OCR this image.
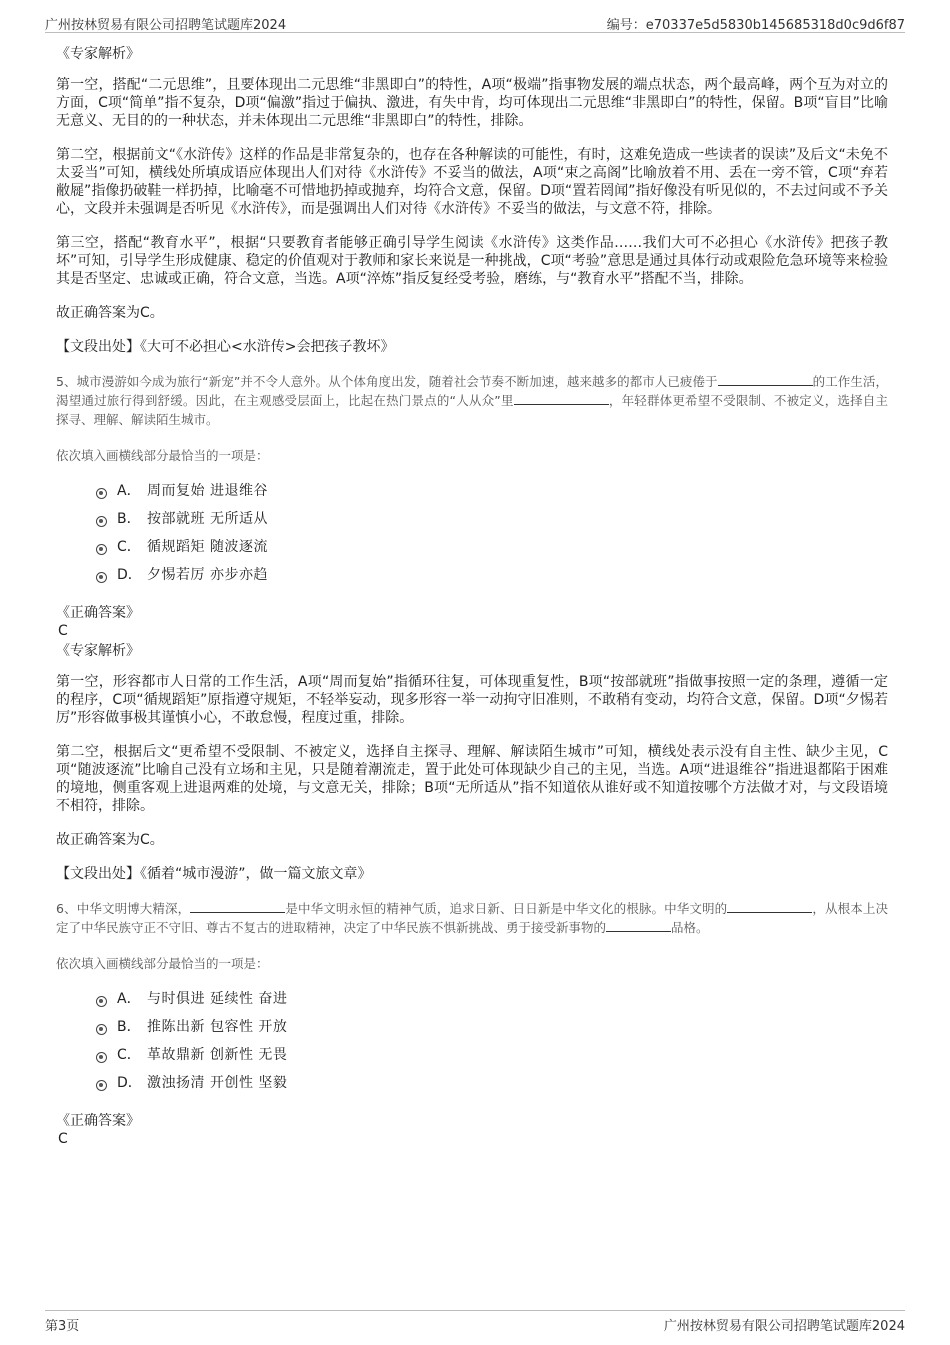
广州按林贸易有限公司招聘笔试题库2024	编号：e70337e5d5830b145685318d0c9d6f87
《专家解析》

第一空，搭配“二元思维”，且要体现出二元思维“非黑即白”的特性，A项“极端”指事物发展的端点状态，两个最高峰，两个互为对立的方面，C项“简单”指不复杂，D项“偏激”指过于偏执、激进，有失中肯，均可体现出二元思维“非黑即白”的特性，保留。B项“盲目”比喻无意义、无目的的一种状态，并未体现出二元思维“非黑即白”的特性，排除。

第二空，根据前文“《水浒传》这样的作品是非常复杂的，也存在各种解读的可能性，有时，这难免造成一些读者的误读”及后文“未免不太妥当”可知，横线处所填成语应体现出人们对待《水浒传》不妥当的做法，A项“束之高阁”比喻放着不用、丢在一旁不管，C项“弃若敝屣”指像扔破鞋一样扔掉，比喻毫不可惜地扔掉或抛弃，均符合文意，保留。D项“置若罔闻”指好像没有听见似的，不去过问或不予关心，文段并未强调是否听见《水浒传》，而是强调出人们对待《水浒传》不妥当的做法，与文意不符，排除。

第三空，搭配“教育水平”，根据“只要教育者能够正确引导学生阅读《水浒传》这类作品……我们大可不必担心《水浒传》把孩子教坏”可知，引导学生形成健康、稳定的价值观对于教师和家长来说是一种挑战，C项“考验”意思是通过具体行动或艰险危急环境等来检验其是否坚定、忠诚或正确，符合文意，当选。A项“淬炼”指反复经受考验，磨练，与“教育水平”搭配不当，排除。

故正确答案为C。

【文段出处】《大可不必担心<水浒传>会把孩子教坏》

5、城市漫游如今成为旅行“新宠”并不令人意外。从个体角度出发，随着社会节奏不断加速，越来越多的都市人已疲倦于	的工作生活，渴望通过旅行得到舒缓。因此，在主观感受层面上，比起在热门景点的“人从众”里	，年轻群体更希望不受限制、不被定义，选择自主探寻、理解、解读陌生城市。

依次填入画横线部分最恰当的一项是：

A． 周而复始 进退维谷
B． 按部就班 无所适从
C． 循规蹈矩 随波逐流
D． 夕惕若厉 亦步亦趋
《正确答案》
C
《专家解析》

第一空，形容都市人日常的工作生活，A项“周而复始”指循环往复，可体现重复性，B项“按部就班”指做事按照一定的条理，遵循一定的程序，C项“循规蹈矩”原指遵守规矩，不轻举妄动，现多形容一举一动拘守旧准则，不敢稍有变动，均符合文意，保留。D项“夕惕若厉”形容做事极其谨慎小心，不敢怠慢，程度过重，排除。

第二空，根据后文“更希望不受限制、不被定义，选择自主探寻、理解、解读陌生城市”可知，横线处表示没有自主性、缺少主见，C项“随波逐流”比喻自己没有立场和主见，只是随着潮流走，置于此处可体现缺少自己的主见，当选。A项“进退维谷”指进退都陷于困难的境地，侧重客观上进退两难的处境，与文意无关，排除；B项“无所适从”指不知道依从谁好或不知道按哪个方法做才对，与文段语境不相符，排除。

故正确答案为C。

【文段出处】《循着“城市漫游”，做一篇文旅文章》

6、中华文明博大精深，	是中华文明永恒的精神气质，追求日新、日日新是中华文化的根脉。中华文明的	，从根本上决定了中华民族守正不守旧、尊古不复古的进取精神，决定了中华民族不惧新挑战、勇于接受新事物的	品格。

依次填入画横线部分最恰当的一项是：

A． 与时俱进 延续性 奋进
B． 推陈出新 包容性 开放
C． 革故鼎新 创新性 无畏
D． 激浊扬清 开创性 坚毅
《正确答案》
C
第3页	广州按林贸易有限公司招聘笔试题库2024
